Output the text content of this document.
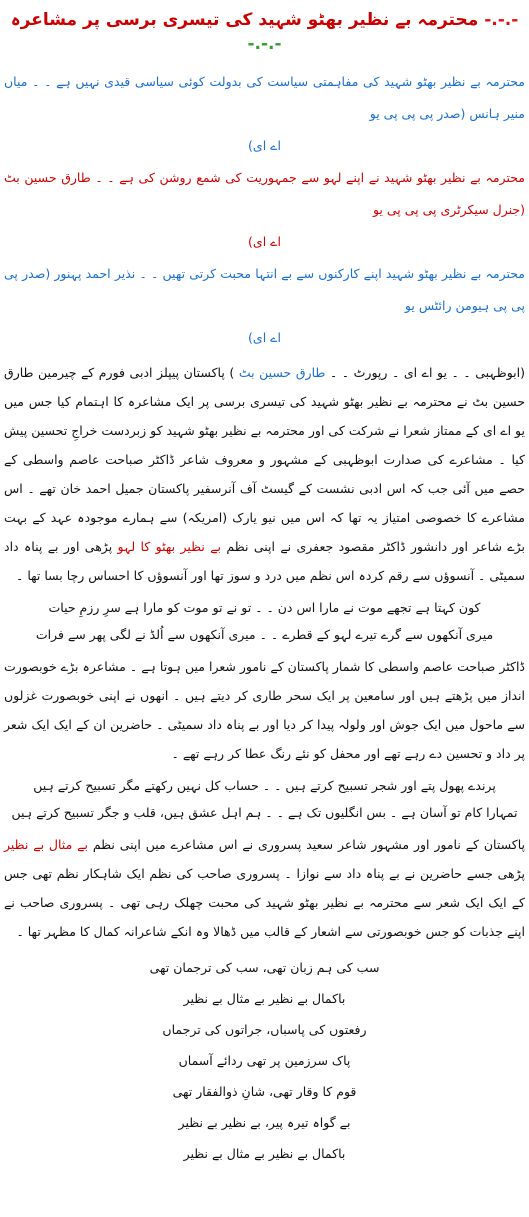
-.-.- محترمہ بے نظیر بھٹو شہید کی تیسری برسی پر مشاعرہ -.-.-
محترمہ بے نظیر بھٹو شہید کی مفاہمتی سیاست کی بدولت کوئی سیاسی قیدی نہیں ہے ۔ ۔ میاں منیر ہانس (صدر پی پی پی یو
اے ای)
محترمہ بے نظیر بھٹو شہید نے اپنے لہو سے جمہوریت کی شمع روشن کی ہے ۔ ۔ طارق حسین بٹ (جنرل سیکرٹری پی پی پی یو
اے ای)
محترمہ بے نظیر بھٹو شہید اپنے کارکنوں سے بے انتہا محبت کرتی تھیں ۔ ۔ نذیر احمد پہنور (صدر پی پی پی ہیومن رائٹس یو
اے ای)
(ابوظہبی ۔ ۔ یو اے ای ۔ رپورٹ ۔ ۔ طارق حسین بٹ ) پاکستان پیپلز ادبی فورم کے چیرمین طارق حسین بٹ نے محترمہ بے نظیر بھٹو شہید کی تیسری برسی پر ایک مشاعرہ کا اہتمام کیا جس میں یو اے ای کے ممتاز شعرا نے شرکت کی اور محترمہ بے نظیر بھٹو شہید کو زبردست خراجِ تحسین پیش کیا ۔ مشاعرے کی صدارت ابوظہبی کے مشہور و معروف شاعر ڈاکٹر صباحت عاصم واسطی کے حصے میں آئی جب کہ اس ادبی نشست کے گیسٹ آف آنرسفیر پاکستان جمیل احمد خان تھے ۔ اس مشاعرے کا خصوصی امتیاز یہ تھا کہ اس میں نیو یارک (امریکہ) سے ہمارے موجودہ عہد کے بہت بڑے شاعر اور دانشور ڈاکٹر مقصود جعفری نے اپنی نظم بے نظیر بھٹو کا لہو پڑھی اور بے پناہ داد سمیٹی ۔ آنسوؤں سے رقم کردہ اس نظم میں درد و سوز تھا اور آنسوؤں کا احساس رچا بسا تھا ۔
کون کہتا ہے تجھے موت نے مارا اس دن ۔ ۔ تو نے تو موت کو مارا ہے سرِ رزمِ حیات
میری آنکھوں سے گرے تیرے لہو کے قطرے ۔ ۔ میری آنکھوں سے اُلڈ نے لگی پھر سے فرات
ڈاکٹر صباحت عاصم واسطی کا شمار پاکستان کے نامور شعرا میں ہوتا ہے ۔ مشاعرہ بڑے خوبصورت انداز میں پڑھتے ہیں اور سامعین پر ایک سحر طاری کر دیتے ہیں ۔ انھوں نے اپنی خوبصورت غزلوں سے ماحول میں ایک جوش اور ولولہ پیدا کر دیا اور بے پناہ داد سمیٹی ۔ حاضرین ان کے ایک ایک شعر پر داد و تحسین دے رہے تھے اور محفل کو نئے رنگ عطا کر رہے تھے ۔
پرندے پھول پتے اور شجر تسبیح کرتے ہیں ۔ ۔ حساب کل نہیں رکھتے مگر تسبیح کرتے ہیں
تمہارا کام تو آسان ہے ۔ بس انگلیوں تک ہے ۔ ۔ ہم اہل عشق ہیں، قلب و جگر تسبیح کرتے ہیں
پاکستان کے نامور اور مشہور شاعر سعید پسروری نے اس مشاعرے میں اپنی نظم بے مثال بے نظیر پڑھی جسے حاضرین نے بے پناہ داد سے نوازا ۔ پسروری صاحب کی نظم ایک شاہکار نظم تھی جس کے ایک ایک شعر سے محترمہ بے نظیر بھٹو شہید کی محبت چھلک رہی تھی ۔ پسروری صاحب نے اپنے جذبات کو جس خوبصورتی سے اشعار کے قالب میں ڈھالا وہ انکے شاعرانہ کمال کا مظہر تھا ۔
سب کی ہم زبان تھی، سب کی ترجمان تھی
باکمال بے نظیر بے مثال بے نظیر
رفعتوں کی پاسباں، جراتوں کی ترجماں
پاک سرزمین پر تھی ردائے آسماں
قوم کا وقار تھی، شانِ ذوالفقار تھی
بے گواہ تیرہ پیر، بے نظیر بے نظیر
باکمال بے نظیر بے مثال بے نظیر
